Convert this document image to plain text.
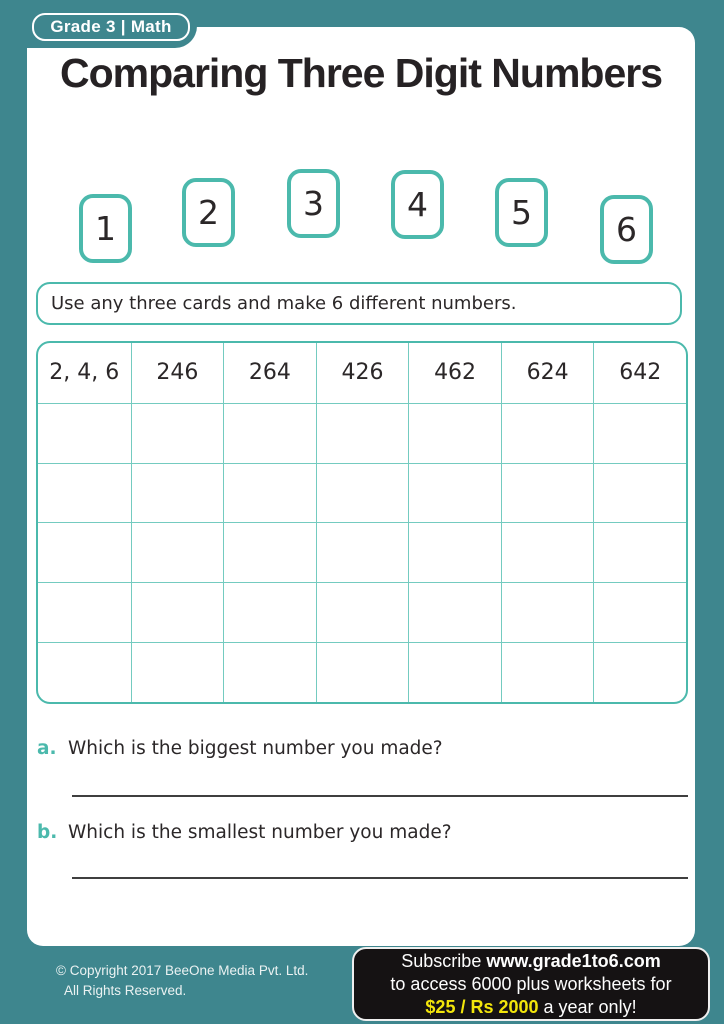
Grade 3 | Math
Comparing Three Digit Numbers
1 2	3	4	5	6
Use any three cards and make 6 different numbers.
2, 4, 6	246	264	426	462	624	642
a. Which is the biggest number you made?
b. Which is the smallest number you made?
© Copyright 2017 BeeOne Media Pvt. Ltd.
All Rights Reserved.
Subscribe www.grade1to6.com
to access 6000 plus worksheets for
$25 / Rs 2000 a year only!
